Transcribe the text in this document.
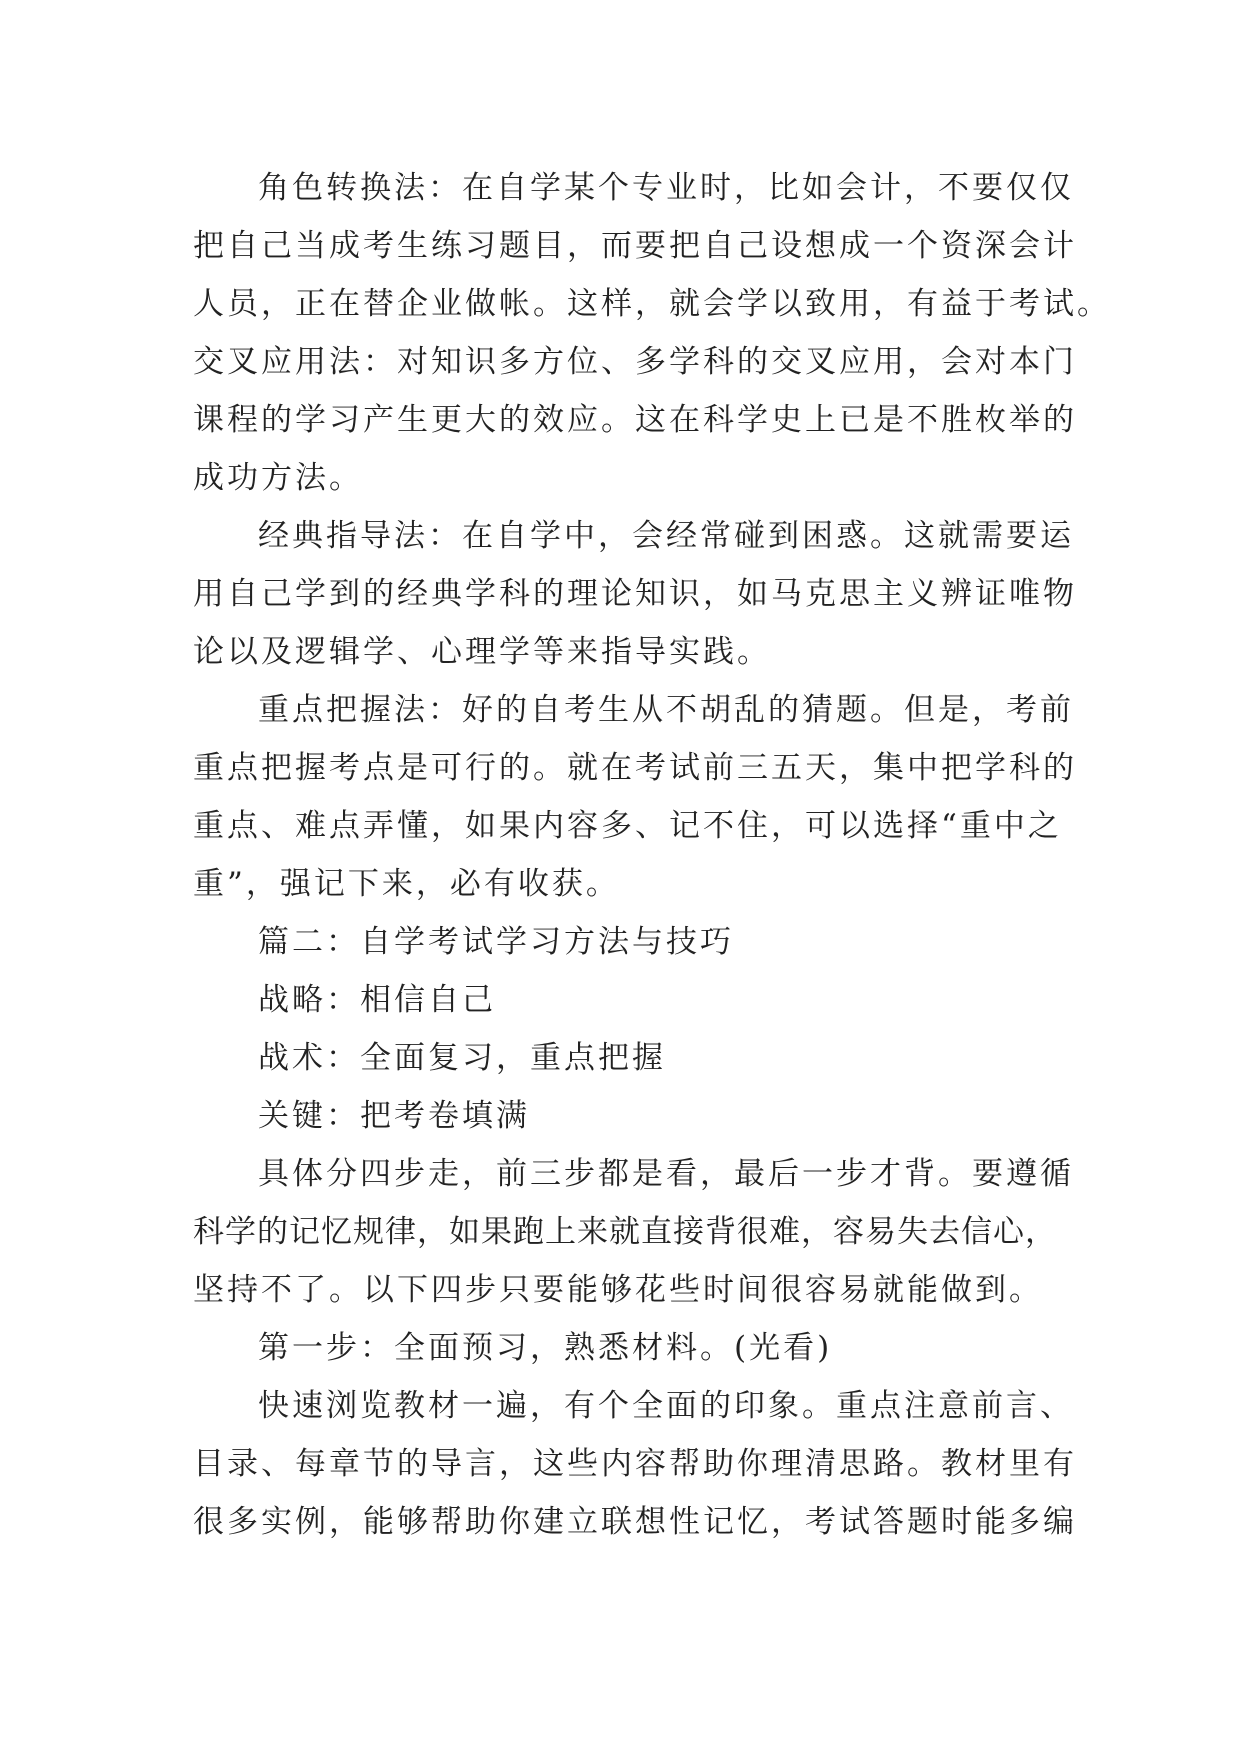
角色转换法：在自学某个专业时，比如会计，不要仅仅
把自己当成考生练习题目，而要把自己设想成一个资深会计
人员，正在替企业做帐。这样，就会学以致用，有益于考试。
交叉应用法：对知识多方位、多学科的交叉应用，会对本门
课程的学习产生更大的效应。这在科学史上已是不胜枚举的
成功方法。
经典指导法：在自学中，会经常碰到困惑。这就需要运
用自己学到的经典学科的理论知识，如马克思主义辨证唯物
论以及逻辑学、心理学等来指导实践。
重点把握法：好的自考生从不胡乱的猜题。但是，考前
重点把握考点是可行的。就在考试前三五天，集中把学科的
重点、难点弄懂，如果内容多、记不住，可以选择“重中之
重”，强记下来，必有收获。
篇二：自学考试学习方法与技巧
战略：相信自己
战术：全面复习，重点把握
关键：把考卷填满
具体分四步走，前三步都是看，最后一步才背。要遵循
科学的记忆规律，如果跑上来就直接背很难，容易失去信心，
坚持不了。以下四步只要能够花些时间很容易就能做到。
第一步：全面预习，熟悉材料。(光看)
快速浏览教材一遍，有个全面的印象。重点注意前言、
目录、每章节的导言，这些内容帮助你理清思路。教材里有
很多实例，能够帮助你建立联想性记忆，考试答题时能多编
